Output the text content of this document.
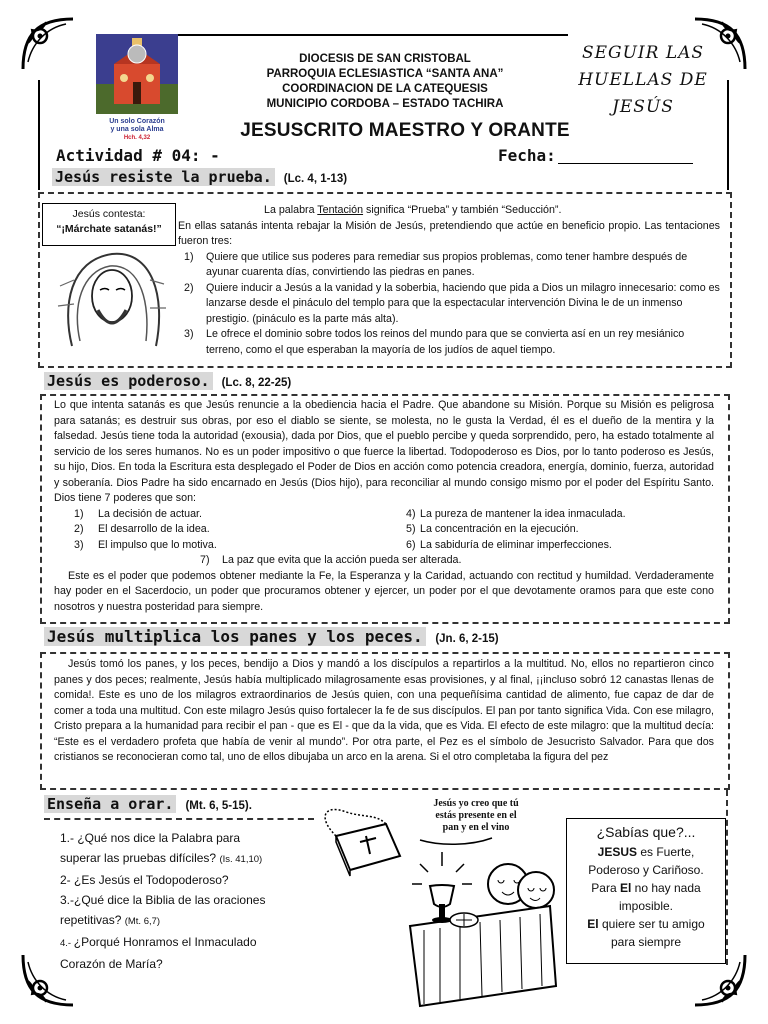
Un solo Corazón
y una sola Alma
Hch. 4,32
DIOCESIS DE SAN CRISTOBAL
PARROQUIA ECLESIASTICA “SANTA ANA”
COORDINACION DE LA CATEQUESIS
MUNICIPIO CORDOBA – ESTADO TACHIRA
SEGUIR LAS
HUELLAS DE
JESÚS
JESUSCRITO MAESTRO Y ORANTE
Actividad # 04: -	Fecha:
Jesús resiste la prueba. (Lc. 4, 1-13)
Jesús contesta:
“¡Márchate satanás!”
La palabra Tentación significa “Prueba” y también “Seducción”.
En ellas satanás intenta rebajar la Misión de Jesús, pretendiendo que actúe en beneficio propio. Las tentaciones fueron tres:
1)	Quiere que utilice sus poderes para remediar sus propios problemas, como tener hambre después de ayunar cuarenta días, convirtiendo las piedras en panes.
2)	Quiere inducir a Jesús a la vanidad y la soberbia, haciendo que pida a Dios un milagro innecesario: como es lanzarse desde el pináculo del templo para que la espectacular intervención Divina le de un inmenso prestigio. (pináculo es la parte más alta).
3)	Le ofrece el dominio sobre todos los reinos del mundo para que se convierta así en un rey mesiánico terreno, como el que esperaban la mayoría de los judíos de aquel tiempo.
Jesús es poderoso. (Lc. 8, 22-25)
Lo que intenta satanás es que Jesús renuncie a la obediencia hacia el Padre. Que abandone su Misión. Porque su Misión es peligrosa para satanás; es destruir sus obras, por eso el diablo se siente, se molesta, no le gusta la Verdad, él es el dueño de la mentira y la falsedad. Jesús tiene toda la autoridad (exousia), dada por Dios, que el pueblo percibe y queda sorprendido, pero, ha estado totalmente al servicio de los seres humanos. No es un poder impositivo o que fuerce la libertad. Todopoderoso es Dios, por lo tanto poderoso es Jesús, su hijo, Dios. En toda la Escritura esta desplegado el Poder de Dios en acción como potencia creadora, energía, dominio, fuerza, autoridad y soberanía. Dios Padre ha sido encarnado en Jesús (Dios hijo), para reconciliar al mundo consigo mismo por el poder del Espíritu Santo. Dios tiene 7 poderes que son:
1)	La decisión de actuar.
2)	El desarrollo de la idea.
3)	El impulso que lo motiva.
4) La pureza de mantener la idea inmaculada.
5) La concentración en la ejecución.
6) La sabiduría de eliminar imperfecciones.
7)	La paz que evita que la acción pueda ser alterada.
Este es el poder que podemos obtener mediante la Fe, la Esperanza y la Caridad, actuando con rectitud y humildad. Verdaderamente hay poder en el Sacerdocio, un poder que procuramos obtener y ejercer, un poder por el que devotamente oramos para que este cono nosotros y nuestra posteridad para siempre.
Jesús multiplica los panes y los peces. (Jn. 6, 2-15)
Jesús tomó los panes, y los peces, bendijo a Dios y mandó a los discípulos a repartirlos a la multitud. No, ellos no repartieron cinco panes y dos peces; realmente, Jesús había multiplicado milagrosamente esas provisiones, y al final, ¡¡incluso sobró 12 canastas llenas de comida!. Este es uno de los milagros extraordinarios de Jesús quien, con una pequeñísima cantidad de alimento, fue capaz de dar de comer a toda una multitud. Con este milagro Jesús quiso fortalecer la fe de sus discípulos. El pan por tanto significa Vida. Con ese milagro, Cristo prepara a la humanidad para recibir el pan - que es El - que da la vida, que es Vida. El efecto de este milagro: que la multitud decía: “Este es el verdadero profeta que había de venir al mundo”. Por otra parte, el Pez es el símbolo de Jesucristo Salvador. Para que dos cristianos se reconocieran como tal, uno de ellos dibujaba un arco en la arena. Si el otro completaba la figura del pez
Enseña a orar. (Mt. 6, 5-15).
1.- ¿Qué nos dice la Palabra para superar las pruebas difíciles? (Is. 41,10)
2- ¿Es Jesús el Todopoderoso?
3.-¿Qué dice la Biblia de las oraciones repetitivas? (Mt. 6,7)
4.- ¿Porqué Honramos el Inmaculado Corazón de María?
Jesús yo creo que tú
estás presente en el
pan y en el vino	¿Sabías que?...
JESUS es Fuerte,
Poderoso y Cariñoso.
Para El no hay nada
imposible.
El quiere ser tu amigo
para siempre
